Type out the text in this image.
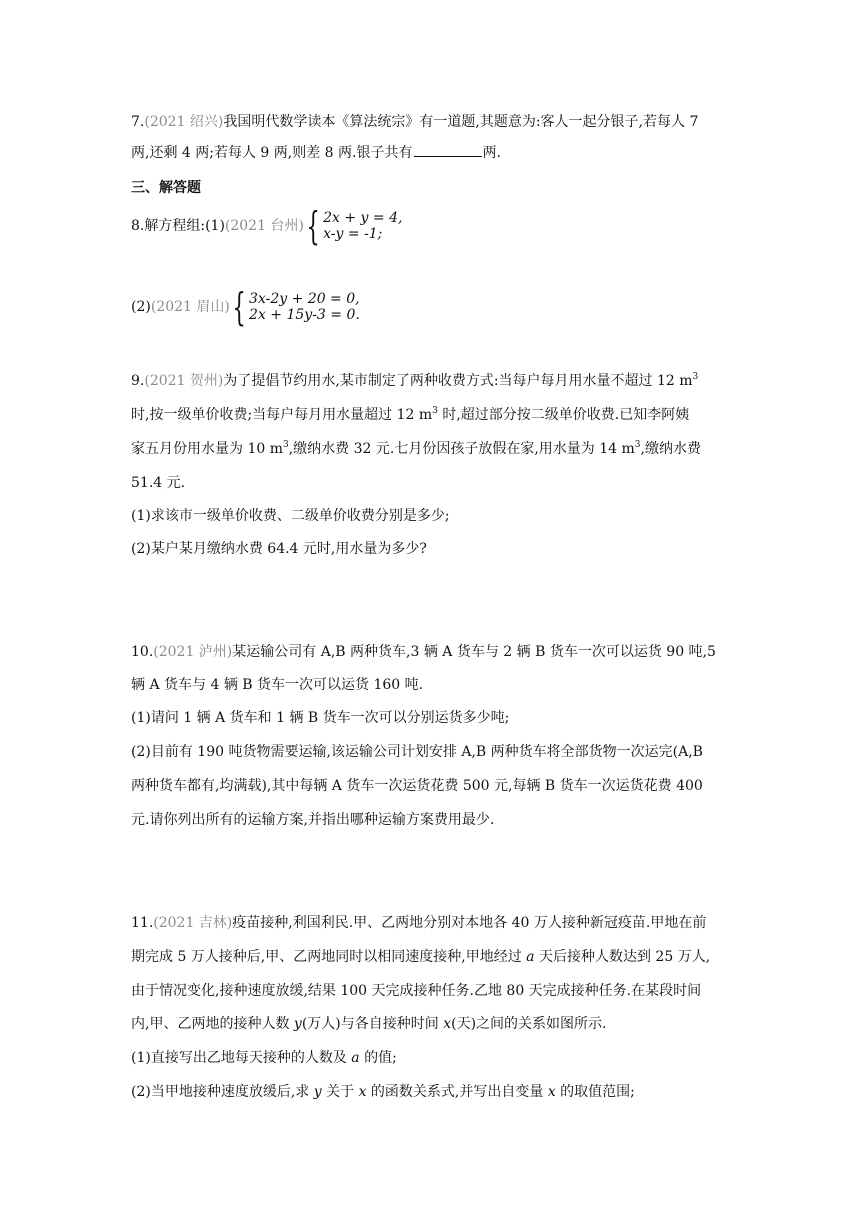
7.(2021 绍兴)我国明代数学读本《算法统宗》有一道题,其题意为:客人一起分银子,若每人 7
两,还剩 4 两;若每人 9 两,则差 8 两.银子共有	两.
三、解答题
8.解方程组:(1) (2021 台州) { 2x + y = 4,
x-y = -1;
(2) (2021 眉山) { 3x-2y + 20 = 0,
2x + 15y-3 = 0.
9.(2021 贺州)为了提倡节约用水,某市制定了两种收费方式:当每户每月用水量不超过 12 $m^3$
时,按一级单价收费;当每户每月用水量超过 12 $m^3$ 时,超过部分按二级单价收费.已知李阿姨
家五月份用水量为 10 $m^3$,缴纳水费 32 元.七月份因孩子放假在家,用水量为 14 $m^3$,缴纳水费
51.4 元.
(1)求该市一级单价收费、二级单价收费分别是多少;
(2)某户某月缴纳水费 64.4 元时,用水量为多少?
10.(2021 泸州)某运输公司有 A,B 两种货车,3 辆 A 货车与 2 辆 B 货车一次可以运货 90 吨,5
辆 A 货车与 4 辆 B 货车一次可以运货 160 吨.
(1)请问 1 辆 A 货车和 1 辆 B 货车一次可以分别运货多少吨;
(2)目前有 190 吨货物需要运输,该运输公司计划安排 A,B 两种货车将全部货物一次运完(A,B
两种货车都有,均满载),其中每辆 A 货车一次运货花费 500 元,每辆 B 货车一次运货花费 400
元.请你列出所有的运输方案,并指出哪种运输方案费用最少.
11.(2021 吉林)疫苗接种,利国利民.甲、乙两地分别对本地各 40 万人接种新冠疫苗.甲地在前
期完成 5 万人接种后,甲、乙两地同时以相同速度接种,甲地经过 a 天后接种人数达到 25 万人,
由于情况变化,接种速度放缓,结果 100 天完成接种任务.乙地 80 天完成接种任务.在某段时间
内,甲、乙两地的接种人数 y(万人)与各自接种时间 x(天)之间的关系如图所示.
(1)直接写出乙地每天接种的人数及 a 的值;
(2)当甲地接种速度放缓后,求 y 关于 x 的函数关系式,并写出自变量 x 的取值范围;
